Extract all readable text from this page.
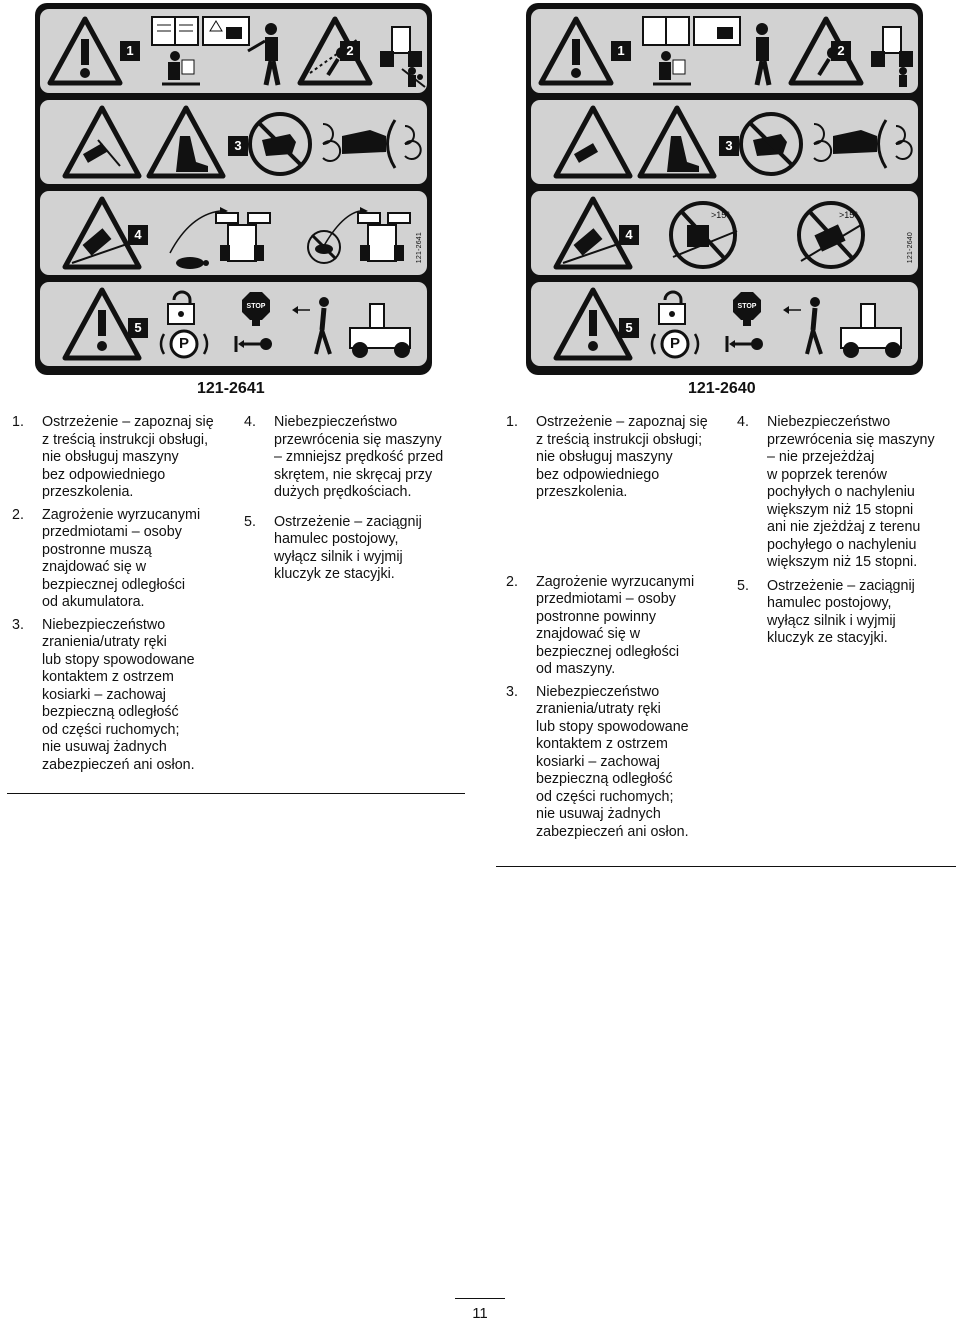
1	2
3
4	121-2641
5
STOP
P
1	2
3
>15°	>15°
4	121-2640
5
STOP
P
121-2641	121-2640
1. Ostrzeżenie – zapoznaj się
z treścią instrukcji obsługi,
nie obsługuj maszyny
bez odpowiedniego
przeszkolenia.
2. Zagrożenie wyrzucanymi
przedmiotami – osoby
postronne muszą
znajdować się w
bezpiecznej odległości
od akumulatora.
3. Niebezpieczeństwo
zranienia/utraty ręki
lub stopy spowodowane
kontaktem z ostrzem
kosiarki – zachowaj
bezpieczną odległość
od części ruchomych;
nie usuwaj żadnych
zabezpieczeń ani osłon.
4. Niebezpieczeństwo
przewrócenia się maszyny
– zmniejsz prędkość przed
skrętem, nie skręcaj przy
dużych prędkościach.
5. Ostrzeżenie – zaciągnij
hamulec postojowy,
wyłącz silnik i wyjmij
kluczyk ze stacyjki.
1. Ostrzeżenie – zapoznaj się
z treścią instrukcji obsługi;
nie obsługuj maszyny
bez odpowiedniego
przeszkolenia.
2. Zagrożenie wyrzucanymi
przedmiotami – osoby
postronne powinny
znajdować się w
bezpiecznej odległości
od maszyny.
3. Niebezpieczeństwo
zranienia/utraty ręki
lub stopy spowodowane
kontaktem z ostrzem
kosiarki – zachowaj
bezpieczną odległość
od części ruchomych;
nie usuwaj żadnych
zabezpieczeń ani osłon.
4. Niebezpieczeństwo
przewrócenia się maszyny
– nie przejeżdżaj
w poprzek terenów
pochyłych o nachyleniu
większym niż 15 stopni
ani nie zjeżdżaj z terenu
pochyłego o nachyleniu
większym niż 15 stopni.
5. Ostrzeżenie – zaciągnij
hamulec postojowy,
wyłącz silnik i wyjmij
kluczyk ze stacyjki.
11
